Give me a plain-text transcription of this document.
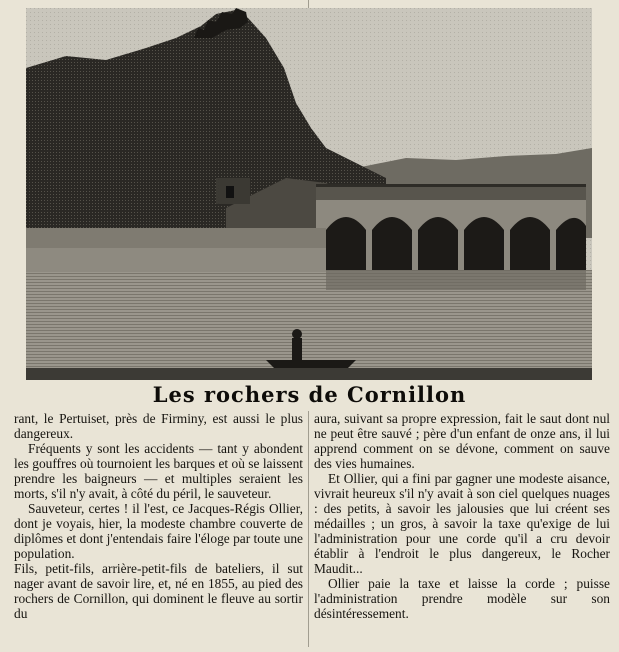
Les rochers de Cornillon

rant, le Pertuiset, près de Firminy, est aussi le plus dangereux.

Fréquents y sont les accidents — tant y abondent les gouffres où tournoient les barques et où se laissent prendre les baigneurs — et multiples seraient les morts, s'il n'y avait, à côté du péril, le sauveteur.

Sauveteur, certes ! il l'est, ce Jacques-Régis Ollier, dont je voyais, hier, la modeste chambre couverte de diplômes et dont j'entendais faire l'éloge par toute une population.

Fils, petit-fils, arrière-petit-fils de bateliers, il sut nager avant de savoir lire, et, né en 1855, au pied des rochers de Cornillon, qui dominent le fleuve au sortir du

aura, suivant sa propre expression, fait le saut dont nul ne peut être sauvé ; père d'un enfant de onze ans, il lui apprend comment on se dévone, comment on sauve des vies humaines.

Et Ollier, qui a fini par gagner une modeste aisance, vivrait heureux s'il n'y avait à son ciel quelques nuages : des petits, à savoir les jalousies que lui créent ses médailles ; un gros, à savoir la taxe qu'exige de lui l'administration pour une corde qu'il a cru devoir établir à l'endroit le plus dangereux, le Rocher Maudit...

Ollier paie la taxe et laisse la corde ; puisse l'administration prendre modèle sur son désintéressement.
